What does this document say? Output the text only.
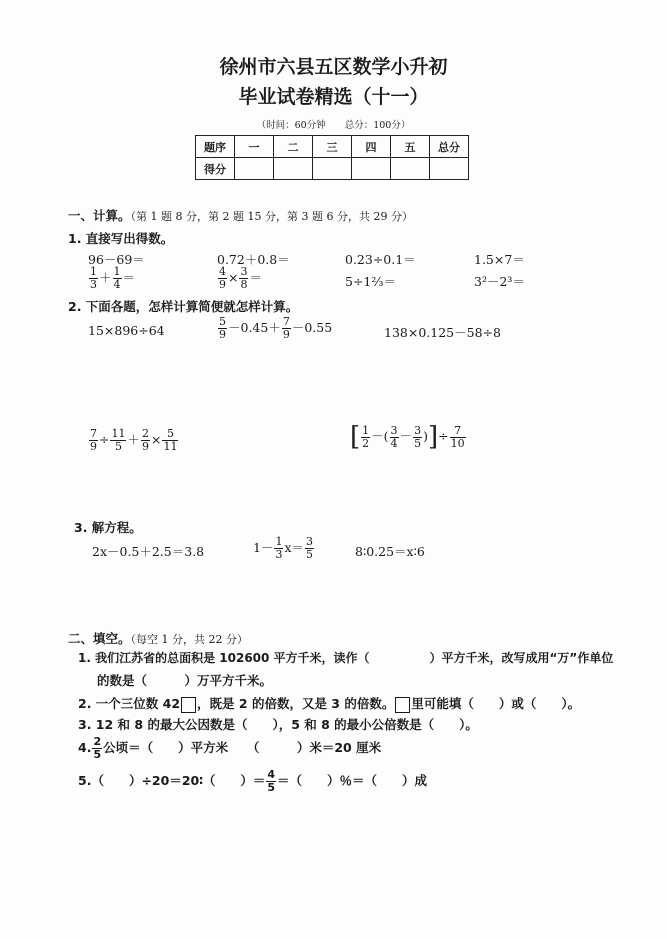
徐州市六县五区数学小升初
毕业试卷精选（十一）
（时间：60分钟　　总分：100分）
题序	一	二	三	四	五	总分
得分						
一、计算。（第 1 题 8 分，第 2 题 15 分，第 3 题 6 分，共 29 分）
1. 直接写出得数。
96－69＝	0.72＋0.8＝	0.23÷0.1＝	1.5×7＝
$\frac{1}{3} + \frac{1}{4}$ ＝	$\frac{4}{9} \times \frac{3}{8}$ ＝	5÷1⅔＝	3²－2³＝
2. 下面各题，怎样计算简便就怎样计算。
15×896÷64	$\frac{5}{9} -0.45+ \frac{7}{9} -0.55$	138×0.125－58÷8
$\frac{7}{9} \div \frac{11}{5} + \frac{2}{9} \times \frac{5}{11}$	[ $\frac{1}{2}$ －( $\frac{3}{4} - \frac{3}{5}$ )]÷ $\frac{7}{10}$
3. 解方程。
2x－0.5＋2.5＝3.8	$1- \frac{1}{3} x= \frac{3}{5}$	8∶0.25＝x∶6
二、填空。（每空 1 分，共 22 分）
1. 我们江苏省的总面积是 102600 平方千米，读作（　　　　　）平方千米，改写成用“万”作单位
的数是（　　　）万平方千米。
2. 一个三位数 42 ，既是 2 的倍数，又是 3 的倍数。 里可能填（　　）或（　　）。
3. 12 和 8 的最大公因数是（　　），5 和 8 的最小公倍数是（　　）。
4. $\frac{2}{5}$ 公顷＝（　　）平方米　　（　　　）米＝20 厘米
5.（　　）÷20＝20∶（　　）＝ $\frac{4}{5}$ ＝（　　）％＝（　　）成
